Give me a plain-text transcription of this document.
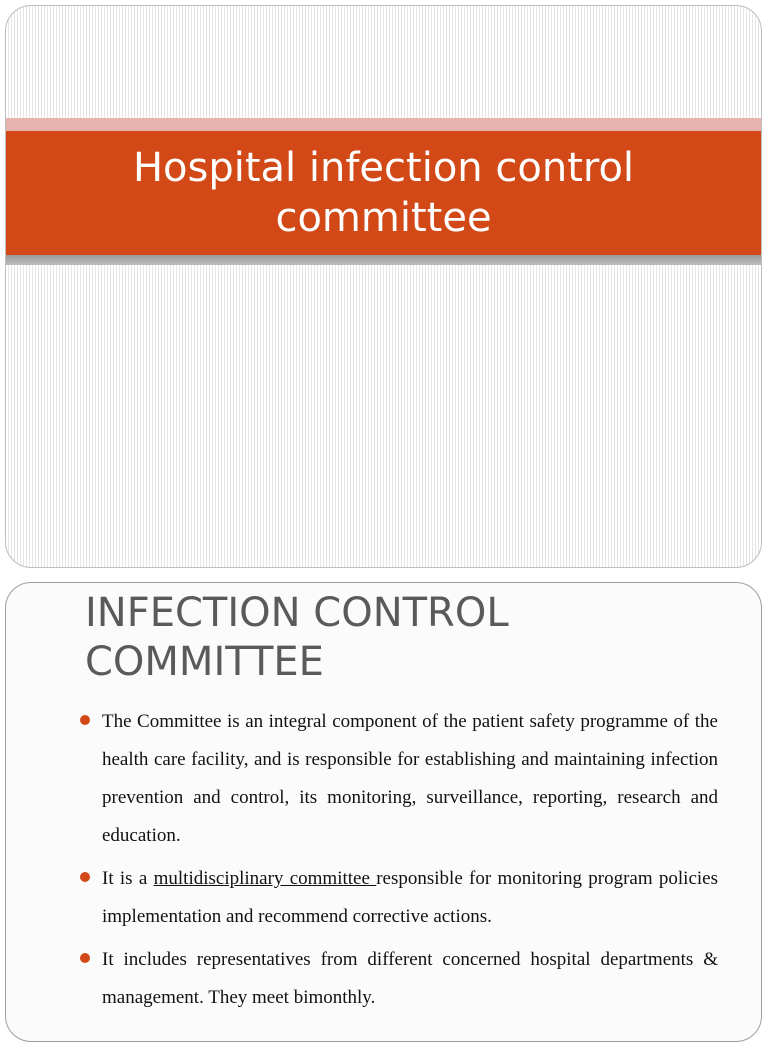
Hospital infection control committee
INFECTION CONTROL COMMITTEE
The Committee is an integral component of the patient safety programme of the health care facility, and is responsible for establishing and maintaining infection prevention and control, its monitoring, surveillance, reporting, research and education.
It is a multidisciplinary committee responsible for monitoring program policies implementation and recommend corrective actions.
It includes representatives from different concerned hospital departments & management. They meet bimonthly.
